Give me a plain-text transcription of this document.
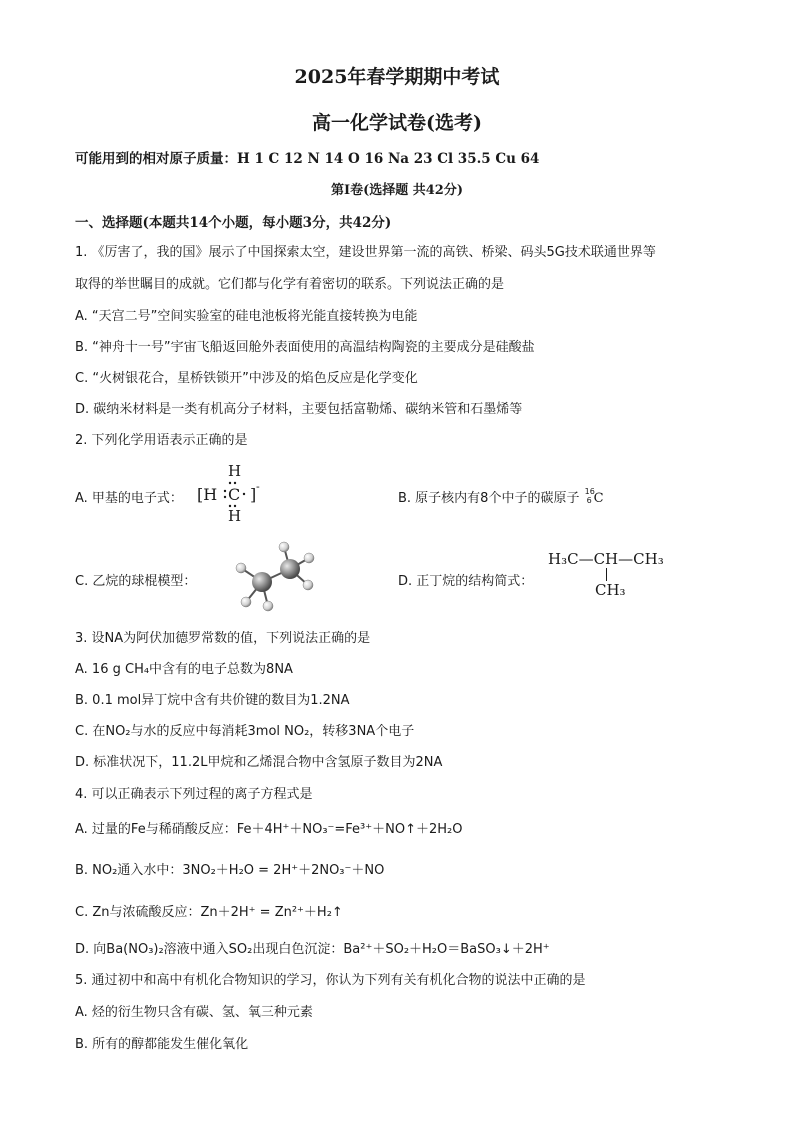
2025年春学期期中考试
高一化学试卷(选考)
可能用到的相对原子质量：H 1 C 12 N 14 O 16 Na 23 Cl 35.5 Cu 64
第Ⅰ卷(选择题 共42分)
一、选择题(本题共14个小题，每小题3分，共42分)
1. 《厉害了，我的国》展示了中国探索太空，建设世界第一流的高铁、桥梁、码头5G技术联通世界等
取得的举世瞩目的成就。它们都与化学有着密切的联系。下列说法正确的是
A. “天宫二号”空间实验室的硅电池板将光能直接转换为电能
B. “神舟十一号”宇宙飞船返回舱外表面使用的高温结构陶瓷的主要成分是硅酸盐
C. “火树银花合，星桥铁锁开”中涉及的焰色反应是化学变化
D. 碳纳米材料是一类有机高分子材料，主要包括富勒烯、碳纳米管和石墨烯等
2. 下列化学用语表示正确的是
A. 甲基的电子式：
H
[H C ] -
H
B. 原子核内有8个中子的碳原子 16
6 C
C. 乙烷的球棍模型：	D. 正丁烷的结构简式：
H₃C—CH—CH₃
CH₃
3. 设NA为阿伏加德罗常数的值，下列说法正确的是
A. 16 g CH₄中含有的电子总数为8NA
B. 0.1 mol异丁烷中含有共价键的数目为1.2NA
C. 在NO₂与水的反应中每消耗3mol NO₂，转移3NA个电子
D. 标准状况下，11.2L甲烷和乙烯混合物中含氢原子数目为2NA
4. 可以正确表示下列过程的离子方程式是
A. 过量的Fe与稀硝酸反应：Fe＋4H⁺＋NO₃⁻=Fe³⁺＋NO↑＋2H₂O
B. NO₂通入水中：3NO₂＋H₂O = 2H⁺＋2NO₃⁻＋NO
C. Zn与浓硫酸反应：Zn＋2H⁺ = Zn²⁺＋H₂↑
D. 向Ba(NO₃)₂溶液中通入SO₂出现白色沉淀：Ba²⁺＋SO₂＋H₂O＝BaSO₃↓＋2H⁺
5. 通过初中和高中有机化合物知识的学习，你认为下列有关有机化合物的说法中正确的是
A. 烃的衍生物只含有碳、氢、氧三种元素
B. 所有的醇都能发生催化氧化
